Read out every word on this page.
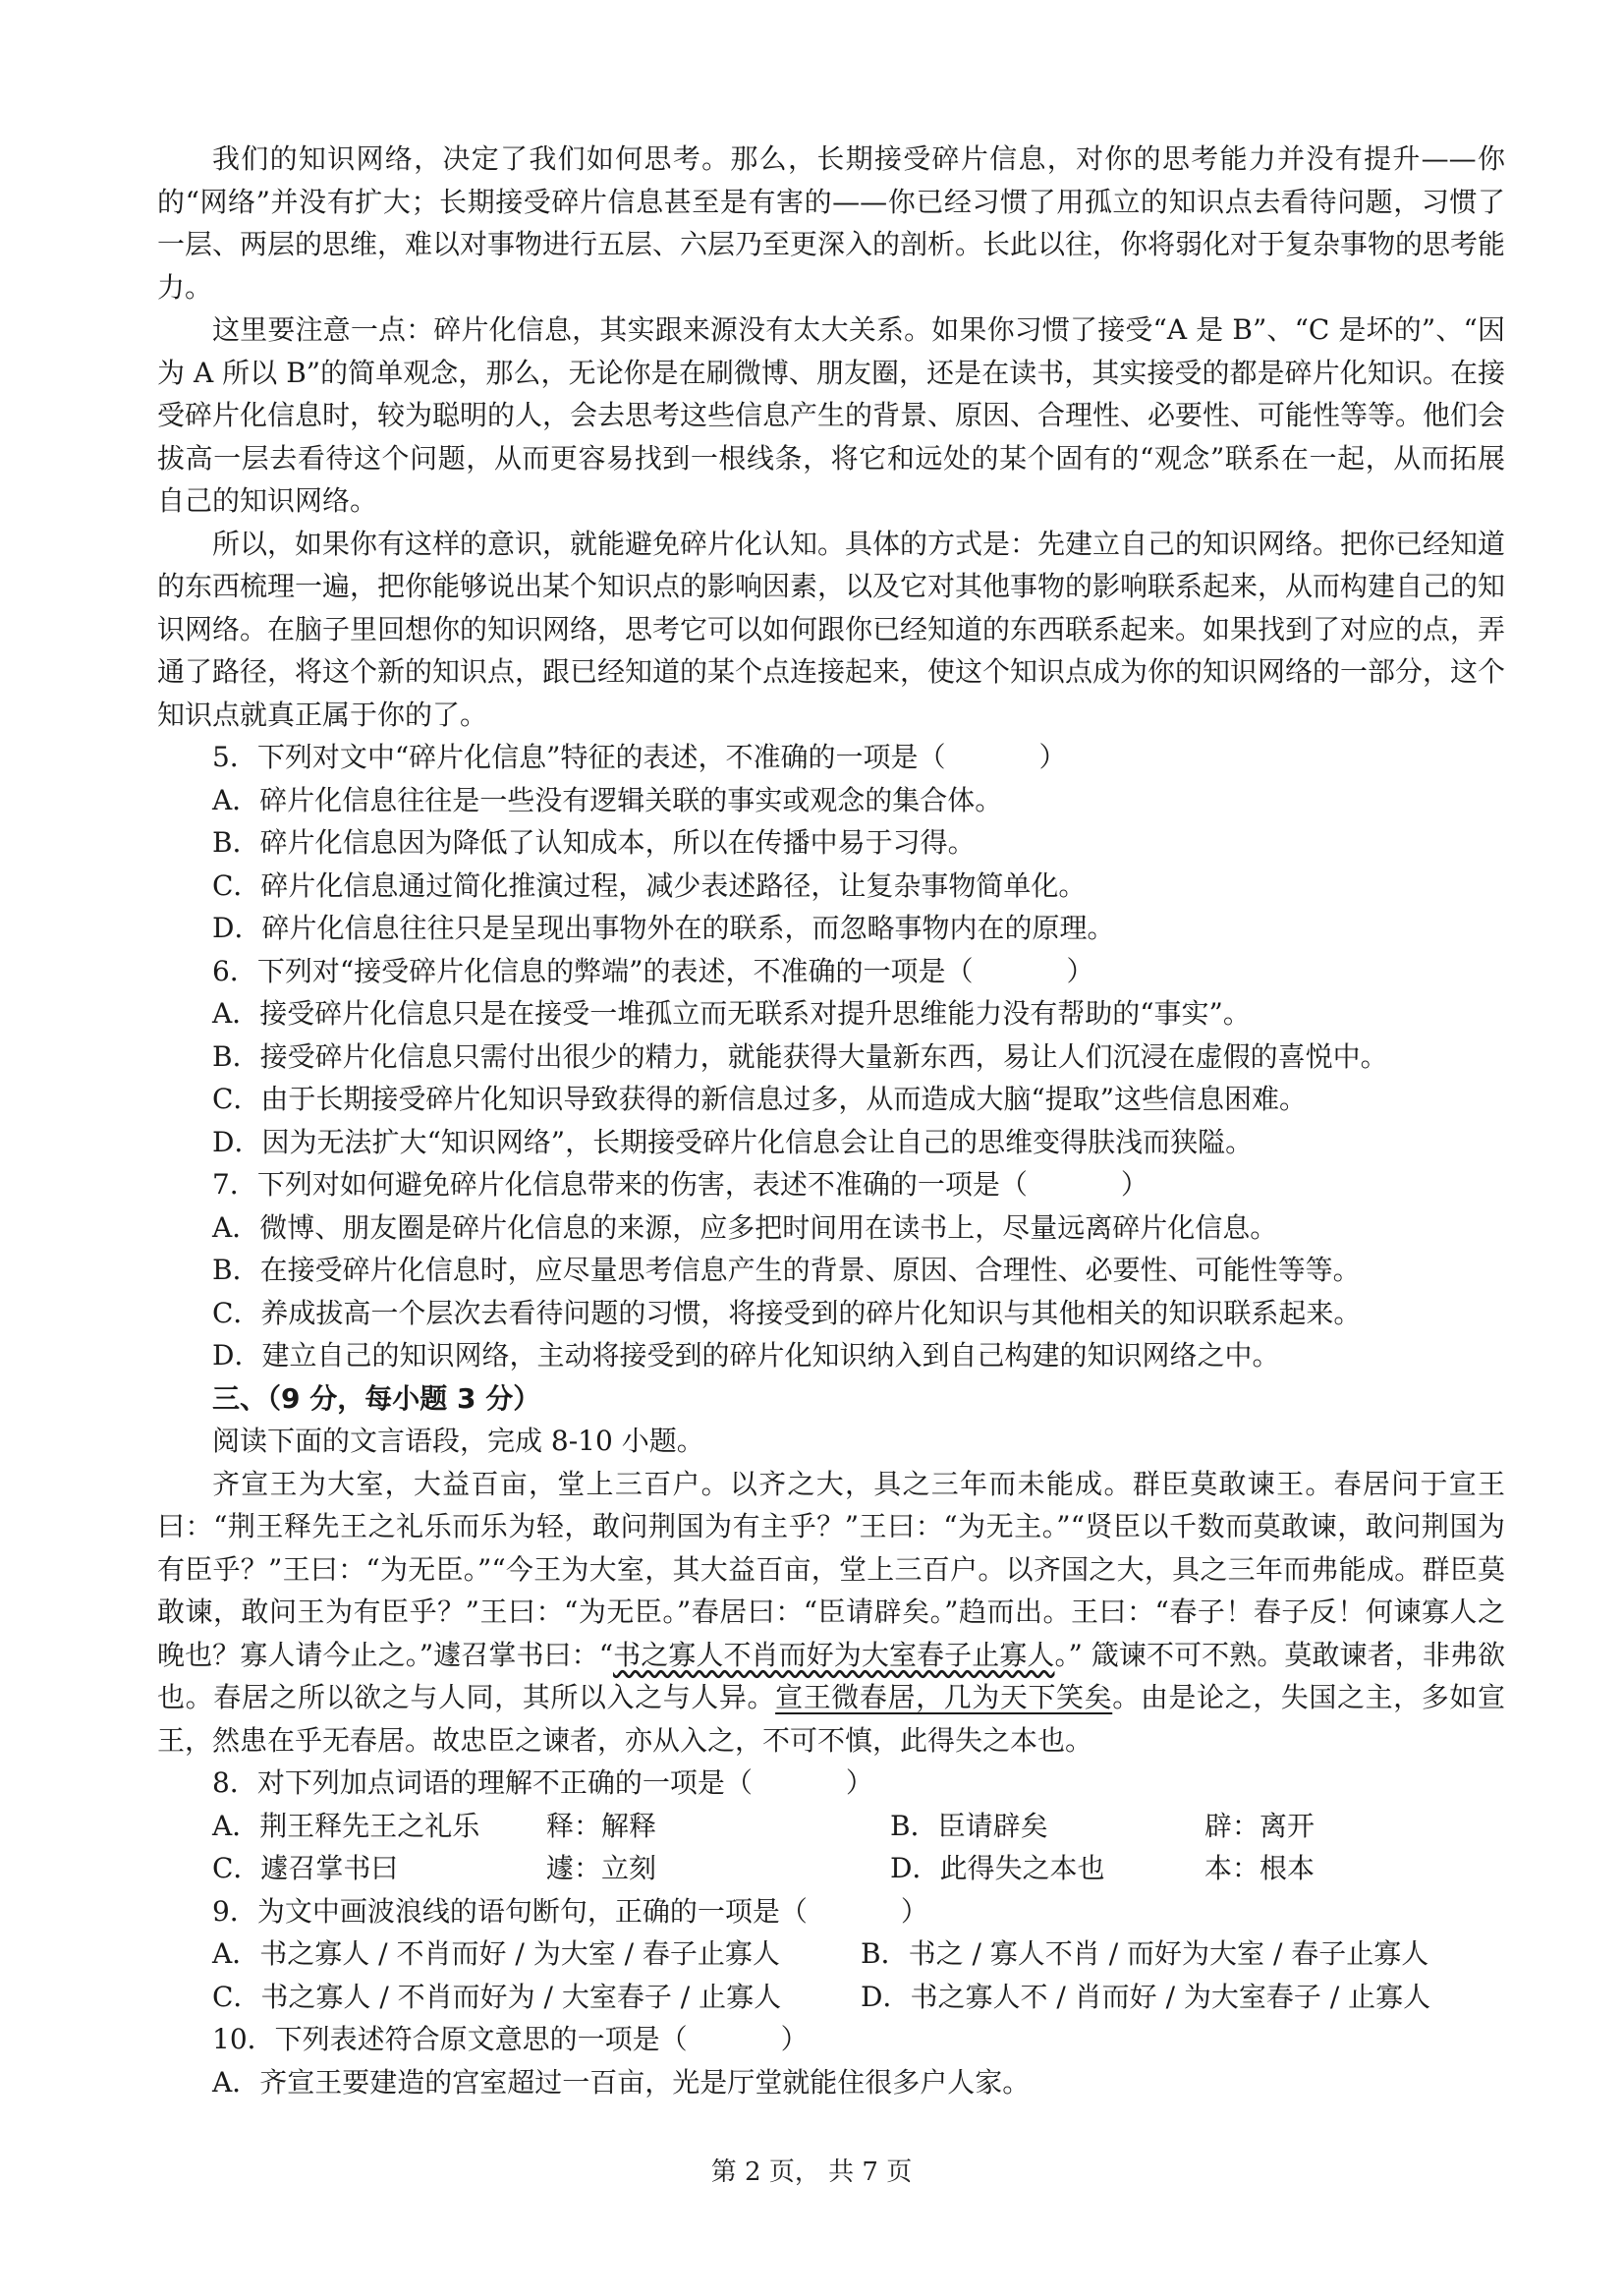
我们的知识网络，决定了我们如何思考。那么，长期接受碎片信息，对你的思考能力并没有提升——你的“网络”并没有扩大；长期接受碎片信息甚至是有害的——你已经习惯了用孤立的知识点去看待问题，习惯了一层、两层的思维，难以对事物进行五层、六层乃至更深入的剖析。长此以往，你将弱化对于复杂事物的思考能力。

这里要注意一点：碎片化信息，其实跟来源没有太大关系。如果你习惯了接受“A 是 B”、“C 是坏的”、“因为 A 所以 B”的简单观念，那么，无论你是在刷微博、朋友圈，还是在读书，其实接受的都是碎片化知识。在接受碎片化信息时，较为聪明的人，会去思考这些信息产生的背景、原因、合理性、必要性、可能性等等。他们会拔高一层去看待这个问题，从而更容易找到一根线条，将它和远处的某个固有的“观念”联系在一起，从而拓展自己的知识网络。

所以，如果你有这样的意识，就能避免碎片化认知。具体的方式是：先建立自己的知识网络。把你已经知道的东西梳理一遍，把你能够说出某个知识点的影响因素，以及它对其他事物的影响联系起来，从而构建自己的知识网络。在脑子里回想你的知识网络，思考它可以如何跟你已经知道的东西联系起来。如果找到了对应的点，弄通了路径，将这个新的知识点，跟已经知道的某个点连接起来，使这个知识点成为你的知识网络的一部分，这个知识点就真正属于你的了。

5．下列对文中“碎片化信息”特征的表述，不准确的一项是（	）

A．碎片化信息往往是一些没有逻辑关联的事实或观念的集合体。

B．碎片化信息因为降低了认知成本，所以在传播中易于习得。

C．碎片化信息通过简化推演过程，减少表述路径，让复杂事物简单化。

D．碎片化信息往往只是呈现出事物外在的联系，而忽略事物内在的原理。

6．下列对“接受碎片化信息的弊端”的表述，不准确的一项是（	）

A．接受碎片化信息只是在接受一堆孤立而无联系对提升思维能力没有帮助的“事实”。

B．接受碎片化信息只需付出很少的精力，就能获得大量新东西，易让人们沉浸在虚假的喜悦中。

C．由于长期接受碎片化知识导致获得的新信息过多，从而造成大脑“提取”这些信息困难。

D．因为无法扩大“知识网络”，长期接受碎片化信息会让自己的思维变得肤浅而狭隘。

7．下列对如何避免碎片化信息带来的伤害，表述不准确的一项是（	）

A．微博、朋友圈是碎片化信息的来源，应多把时间用在读书上，尽量远离碎片化信息。

B．在接受碎片化信息时，应尽量思考信息产生的背景、原因、合理性、必要性、可能性等等。

C．养成拔高一个层次去看待问题的习惯，将接受到的碎片化知识与其他相关的知识联系起来。

D．建立自己的知识网络，主动将接受到的碎片化知识纳入到自己构建的知识网络之中。

三、（9 分，每小题 3 分）

阅读下面的文言语段，完成 8-10 小题。

齐宣王为大室，大益百亩，堂上三百户。以齐之大，具之三年而未能成。群臣莫敢谏王。春居问于宣王曰：“荆王释先王之礼乐而乐为轻，敢问荆国为有主乎？”王曰：“为无主。”“贤臣以千数而莫敢谏，敢问荆国为有臣乎？”王曰：“为无臣。”“今王为大室，其大益百亩，堂上三百户。以齐国之大，具之三年而弗能成。群臣莫敢谏，敢问王为有臣乎？”王曰：“为无臣。”春居曰：“臣请辟矣。”趋而出。王曰：“春子！春子反！何谏寡人之晚也？寡人请今止之。”遽召掌书曰：“书之寡人不肖而好为大室春子止寡人。” 箴谏不可不熟。莫敢谏者，非弗欲也。春居之所以欲之与人同，其所以入之与人异。宣王微春居，几为天下笑矣。由是论之，失国之主，多如宣王，然患在乎无春居。故忠臣之谏者，亦从入之，不可不慎，此得失之本也。

8．对下列加点词语的理解不正确的一项是（	）

A．荆王释先王之礼乐	释：解释	B．臣请辟矣	辟：离开
C．遽召掌书曰	遽：立刻	D．此得失之本也	本：根本

9．为文中画波浪线的语句断句，正确的一项是（	）

A．书之寡人 / 不肖而好 / 为大室 / 春子止寡人	B．书之 / 寡人不肖 / 而好为大室 / 春子止寡人
C．书之寡人 / 不肖而好为 / 大室春子 / 止寡人	D．书之寡人不 / 肖而好 / 为大室春子 / 止寡人

10．下列表述符合原文意思的一项是（	）

A．齐宣王要建造的宫室超过一百亩，光是厅堂就能住很多户人家。

第 2 页， 共 7 页
